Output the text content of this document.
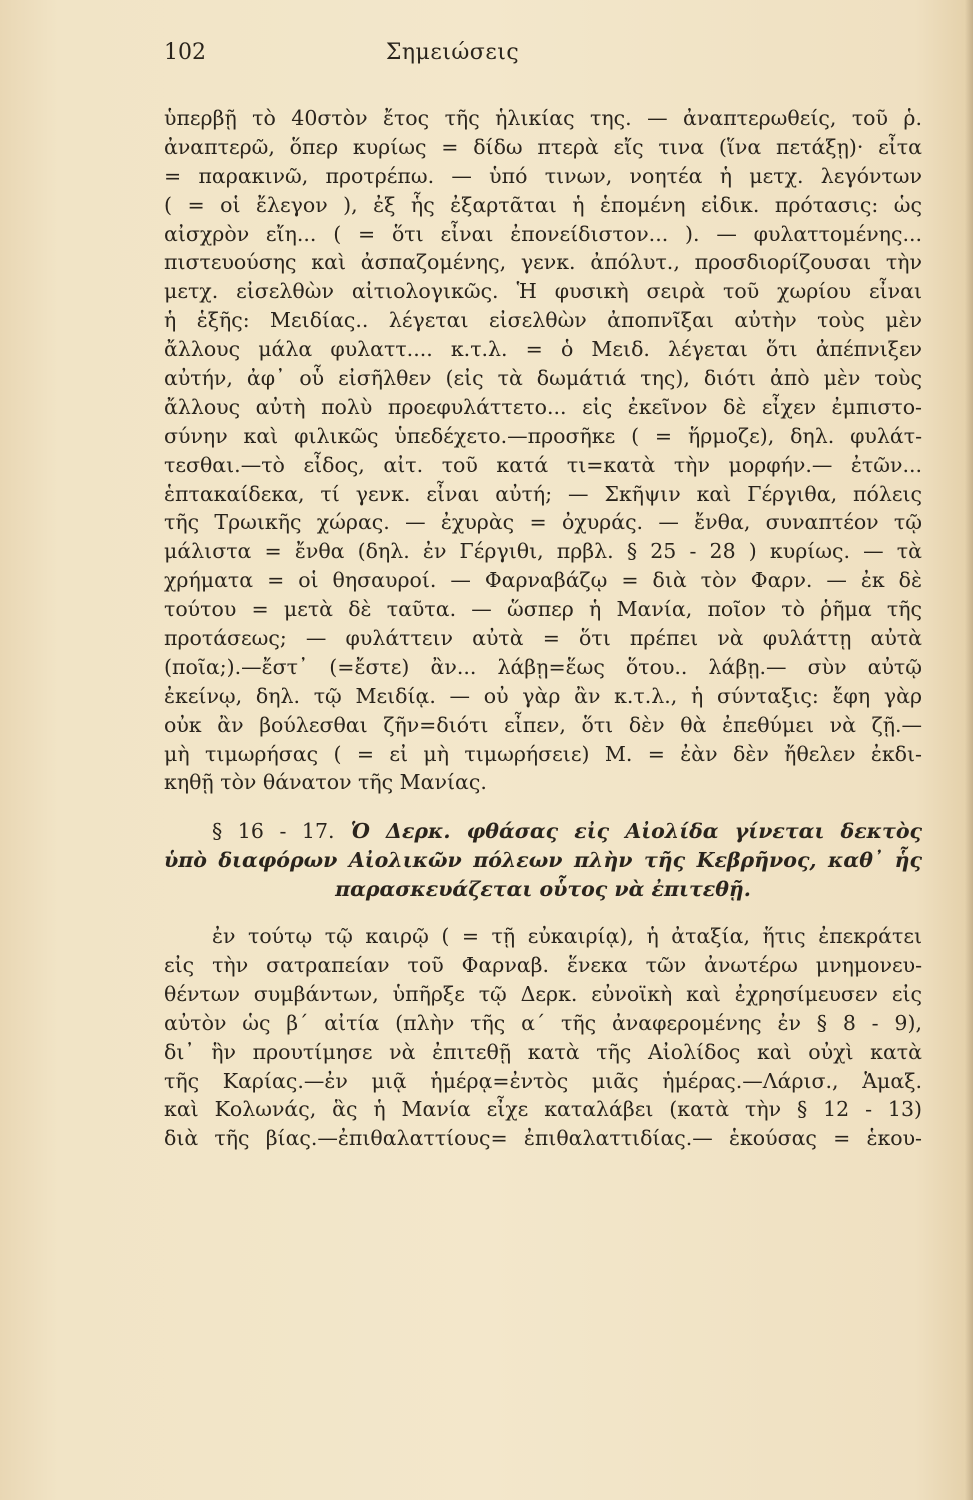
102	Σημειώσεις
ὑπερβῇ τὸ 40στὸν ἔτος τῆς ἡλικίας της. — ἀναπτερωθείς, τοῦ ῥ.
ἀναπτερῶ, ὅπερ κυρίως = δίδω πτερὰ εἴς τινα (ἵνα πετάξῃ)· εἶτα
= παρακινῶ, προτρέπω. — ὑπό τινων, νοητέα ἡ μετχ. λεγόντων
( = οἱ ἔλεγον ), ἐξ ἧς ἐξαρτᾶται ἡ ἑπομένη εἰδικ. πρότασις: ὡς
αἰσχρὸν εἴη... ( = ὅτι εἶναι ἐπονείδιστον... ). — φυλαττομένης...
πιστευούσης καὶ ἀσπαζομένης, γενκ. ἀπόλυτ., προσδιορίζουσαι τὴν
μετχ. εἰσελθὼν αἰτιολογικῶς. Ἡ φυσικὴ σειρὰ τοῦ χωρίου εἶναι
ἡ ἑξῆς: Μειδίας.. λέγεται εἰσελθὼν ἀποπνῖξαι αὐτὴν τοὺς μὲν
ἄλλους μάλα φυλαττ.... κ.τ.λ. = ὁ Μειδ. λέγεται ὅτι ἀπέπνιξεν
αὐτήν, ἀφ᾿ οὗ εἰσῆλθεν (εἰς τὰ δωμάτιά της), διότι ἀπὸ μὲν τοὺς
ἄλλους αὐτὴ πολὺ προεφυλάττετο... εἰς ἐκεῖνον δὲ εἶχεν ἐμπιστο-
σύνην καὶ φιλικῶς ὑπεδέχετο.—προσῆκε ( = ἥρμοζε), δηλ. φυλάτ-
τεσθαι.—τὸ εἶδος, αἰτ. τοῦ κατά τι=κατὰ τὴν μορφήν.— ἐτῶν...
ἑπτακαίδεκα, τί γενκ. εἶναι αὐτή; — Σκῆψιν καὶ Γέργιθα, πόλεις
τῆς Τρωικῆς χώρας. — ἐχυρὰς = ὀχυράς. — ἔνθα, συναπτέον τῷ
μάλιστα = ἔνθα (δηλ. ἐν Γέργιθι, πρβλ. § 25 - 28 ) κυρίως. — τὰ
χρήματα = οἱ θησαυροί. — Φαρναβάζῳ = διὰ τὸν Φαρν. — ἐκ δὲ
τούτου = μετὰ δὲ ταῦτα. — ὥσπερ ἡ Μανία, ποῖον τὸ ῥῆμα τῆς
προτάσεως; — φυλάττειν αὐτὰ = ὅτι πρέπει νὰ φυλάττῃ αὐτὰ
(ποῖα;).—ἔστ᾿ (=ἔστε) ἂν... λάβῃ=ἕως ὅτου.. λάβῃ.— σὺν αὐτῷ
ἐκείνῳ, δηλ. τῷ Μειδίᾳ. — οὐ γὰρ ἂν κ.τ.λ., ἡ σύνταξις: ἔφη γὰρ
οὐκ ἂν βούλεσθαι ζῆν=διότι εἶπεν, ὅτι δὲν θὰ ἐπεθύμει νὰ ζῇ.—
μὴ τιμωρήσας ( = εἰ μὴ τιμωρήσειε) Μ. = ἐὰν δὲν ἤθελεν ἐκδι-
κηθῇ τὸν θάνατον τῆς Μανίας.
§ 16 - 17. Ὁ Δερκ. φθάσας εἰς Αἰολίδα γίνεται δεκτὸς
ὑπὸ διαφόρων Αἰολικῶν πόλεων πλὴν τῆς Κεβρῆνος, καθ᾿ ἧς
παρασκευάζεται οὗτος νὰ ἐπιτεθῇ.
ἐν τούτῳ τῷ καιρῷ ( = τῇ εὐκαιρίᾳ), ἡ ἀταξία, ἥτις ἐπεκράτει
εἰς τὴν σατραπείαν τοῦ Φαρναβ. ἕνεκα τῶν ἀνωτέρω μνημονευ-
θέντων συμβάντων, ὑπῆρξε τῷ Δερκ. εὐνοϊκὴ καὶ ἐχρησίμευσεν εἰς
αὐτὸν ὡς β´ αἰτία (πλὴν τῆς α´ τῆς ἀναφερομένης ἐν § 8 - 9),
δι᾿ ἣν προυτίμησε νὰ ἐπιτεθῇ κατὰ τῆς Αἰολίδος καὶ οὐχὶ κατὰ
τῆς Καρίας.—ἐν μιᾷ ἡμέρᾳ=ἐντὸς μιᾶς ἡμέρας.—Λάρισ., Ἁμαξ.
καὶ Κολωνάς, ἃς ἡ Μανία εἶχε καταλάβει (κατὰ τὴν § 12 - 13)
διὰ τῆς βίας.—ἐπιθαλαττίους= ἐπιθαλαττιδίας.— ἑκούσας = ἑκου-
